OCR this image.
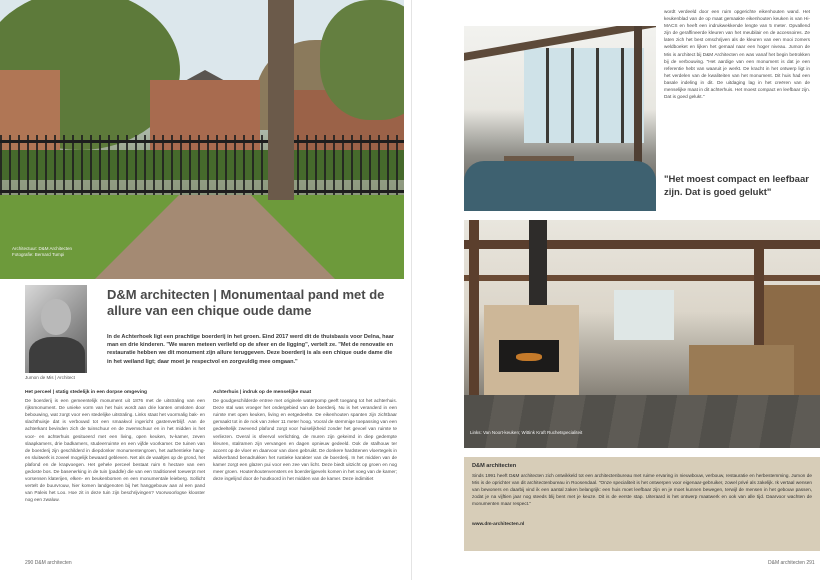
Architectuur: D&M Architecten
Fotografie: Bernard Tumpi
Jumon de Mis | Architect
D&M architecten | Monumentaal pand met de
allure van een chique oude dame

In de Achterhoek ligt een prachtige boerderij in het groen. Eind 2017 werd dit de thuisbasis voor Delna, haar man en drie kinderen. "We waren meteen verliefd op de sfeer en de ligging", vertelt ze. "Met de renovatie en restauratie hebben we dit monument zijn allure teruggeven. Deze boerderij is als een chique oude dame die in het weiland ligt; daar moet je respectvol en zorgvuldig mee omgaan."

Het perceel | statig stedelijk in een dorpse omgeving
De boerderij is een gemeentelijk monument uit 1876 met de uitstraling van een rijksmonument. De unieke vorm van het huis wordt aan drie kanten omsloten door bebouwing, wat zorgt voor een stedelijke uitstraling. Links staat het voormalig bak- en slachthuisje dat is verbouwd tot een smaakvol ingericht gastenverblijf. Aan de achterkant bevinden zich de tuinschuur en de zwemschuur en in het midden is het voor- en achterhuis gesitueerd met een living, open keuken, tv-kamer, zeven slaapkamers, drie badkamers, studeerruimte en een vijfde voorkamer. De tuinen van de boerderij zijn geschilderd in diepdonker monumentengroen, het authentieke hang- en sluitwerk is zoveel mogelijk bewaard gebleven. Net als de waaltjes op de grond, het plafond en de krapvoegen. Het gehele perceel bestaat ruim 6 hectare van een gedoste bos. De basenerking in de tuin (paddle) die van een traditioneel toewerpt met vorsensen klaterijen, elken- en beukenbomen en een monumentale leieberg. Sollicht vertelt de buurvrouw, hier komen landgenoten bij het hanggebouw aan al een pand van Paleis het Loo. Hoe zit in deze tuin zijn beschrijvingen? Voorwoorlogse klooster nog een zwaluw.
Achterhuis | indruk op de menselijke maat
De goudgeschilderde entree met originele waterpomp geeft toegang tot het achterhuis. Deze stal was vroeger het ondergebied van de boerderij. Nu is het veranderd in een ruimte met open keuken, living en eetgedeelte. De eikenhouten spanten zijn zichtbaar gemaakt tot in de nok van zeker 11 meter hoog. Vooral de stemmige toepassing van een gedeeltelijk zwevend plafond zorgt voor huiselijkheid zonder het gevoel van ruimte te verliezen. Overal is sfeervol verlichting, de muren zijn gekeimd in diep gedempte kleuren, stalramen zijn vervangen en dagen opnieuw gedeeld. Ook de stalhouw ter accent op de vloer en daarvoor van doen gebruikt. De donkere hardstenen vloertegels in wildverband benadrukken het rustieke karakter van de boerderij. In het midden van de kamer zorgt een glazen pui voor een zee van licht. Deze biedt uitzicht op groen en nog meer groen. Houtenhoutenvensters en boerderijgevels komen in het voeg van de kamer; deze ingelijnd door de houtkoord in het midden van de kamer. Deze indimitiet
290 D&M architecten

wordt verdeeld door een ruim opgerichte eikenhouten wand. Het keukenblad van de op maat gemaakte eikenhouten keuken is van Hi-MACS en heeft een indrukwekkende lengte van 5 meter. Opvallend zijn de geraffineerde kleuren van het meubilair en de accessoires. Ze laten zich het best omschrijven als de kleuren van een mooi zomers weldboeket en lijken het gemaal naar een hoger niveau. Jumon de Mis is architect bij D&M Architecten en was vanaf het begin betrokken bij de verbouwing. "Het aardige van een monument is dat je een referentie hebt van waaruit je werkt. De kracht in het ontwerp ligt in het verdelen van de kwaliteiten van het monument. Dit huis had een basale indeling in dit. De uitdaging lag in het creëren van de menselijke maat in dit achterhuis. Het moest compact en leefbaar zijn. Dat is goed gelukt."

"Het moest compact en leefbaar zijn. Dat is goed gelukt"

Links: Van Noort-keuken; Wittink Kraft Ruchetspecialiteit
D&M architecten

Sinds 1991 heeft D&M architecten zich ontwikkeld tot een architectenbureau met ruime ervaring in nieuwbouw, verbouw, restauratie en herbestemming. Jumon de Mis is de oprichter van dit architectenbureau in Roosendaal. "Onze specialiteit is het ontwerpen voor eigenaar-gebruiker, zowel privé als zakelijk. Ik vertaal wensen van bewoners en daarbij vind ik een aantal zaken belangrijk: een huis moet leefbaar zijn en je moet kunnen bewegen, terwijl de mensen in het gebouw passen, zodat je na vijftien jaar nog steeds blij bent met je keuze. Dit is de eerste stap. Uiteraard is het ontwerp maatwerk en ook van alle tijd. Daarvoor wachten de monumenten maar respect."

www.dm-architecten.nl
D&M architecten 291
